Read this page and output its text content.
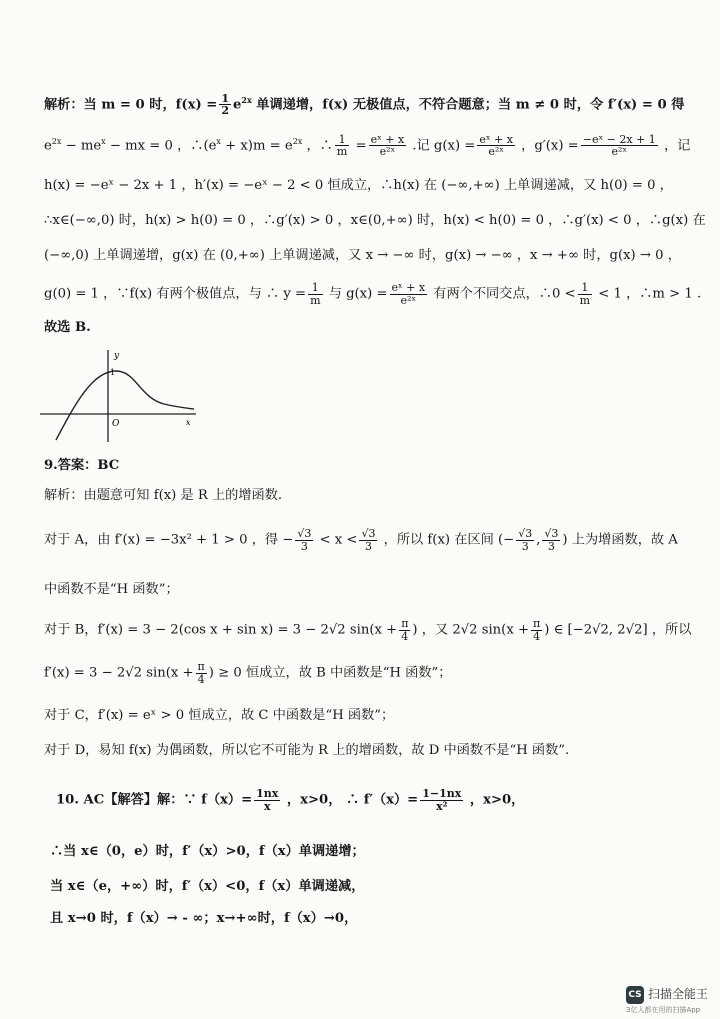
解析：当 m = 0 时，$f(x) = \frac{1}{2} e^{2x}$ 单调递增，f(x) 无极值点，不符合题意；当 m ≠ 0 时，令 f′(x) = 0 得
$e^{2x} - me^x$ − mx = 0 ，$\therefore(e^x + x)m = e^{2x}$ ，∴ $\frac{1}{m} = \frac{\text{eˣ + x}}{\text{e²ˣ}}$ .记 $g(x) = \frac{\text{eˣ + x}}{\text{e²ˣ}}$ ，$g'(x) = \frac{\text{−eˣ − 2x + 1}}{\text{e²ˣ}}$ ，记
h(x) = −eˣ − 2x + 1 ，h′(x) = −eˣ − 2 < 0 恒成立，∴h(x) 在 (−∞,+∞) 上单调递减，又 h(0) = 0 ，
∴x∈(−∞,0) 时，h(x) > h(0) = 0 ，∴g′(x) > 0 ，x∈(0,+∞) 时，h(x) < h(0) = 0 ，∴g′(x) < 0 ，∴g(x) 在
(−∞,0) 上单调递增，g(x) 在 (0,+∞) 上单调递减，又 x → −∞ 时，g(x) → −∞ ，x → +∞ 时，g(x) → 0 ，
g(0) = 1 ，∵f(x) 有两个极值点，与 ∴ $y = \frac{1}{m}$ 与 $g(x) = \frac{\text{eˣ + x}}{\text{e²ˣ}}$ 有两个不同交点，∴0 < $\frac{1}{m} < 1$ ，∴m > 1 .
故选 B.
y
1
O	x
9.答案：BC
解析：由题意可知 f(x) 是 R 上的增函数.
对于 A，由 f′(x) = −3x² + 1 > 0 ，得 − $\frac{√3}{3} < x < \frac{√3}{3}$ ，所以 f(x) 在区间 (− $\frac{√3}{3}$ , $\frac{√3}{3}$ ) 上为增函数，故 A
中函数不是“H 函数”；
对于 B，f′(x) = 3 − 2(cos x + sin x) = 3 − 2√2 $\sin(x + \frac{\pi}{4}$ ) ，又 2√2 $\sin(x + \frac{\pi}{4}$ ) ∈ [−2√2, 2√2] ，所以
f′(x) = 3 − 2√2 $\sin(x + \frac{\pi}{4}$ ) ≥ 0 恒成立，故 B 中函数是“H 函数”；
对于 C，f′(x) = eˣ > 0 恒成立，故 C 中函数是“H 函数”；
对于 D，易知 f(x) 为偶函数，所以它不可能为 R 上的增函数，故 D 中函数不是“H 函数”.
10. AC【解答】解：∵ $f(x)= \frac{1nx}{x}$ ，x>0， ∴ $f'(x)= \frac{1-1nx}{\text{x²}}$ ，x>0，
∴当 x∈（0，e）时，f′（x）>0，f（x）单调递增；
当 x∈（e，+∞）时，f′（x）<0，f（x）单调递减，
且 x→0 时，f（x）→ - ∞；x→+∞时，f（x）→0，
CS 扫描全能王
3亿人都在用的扫描App
